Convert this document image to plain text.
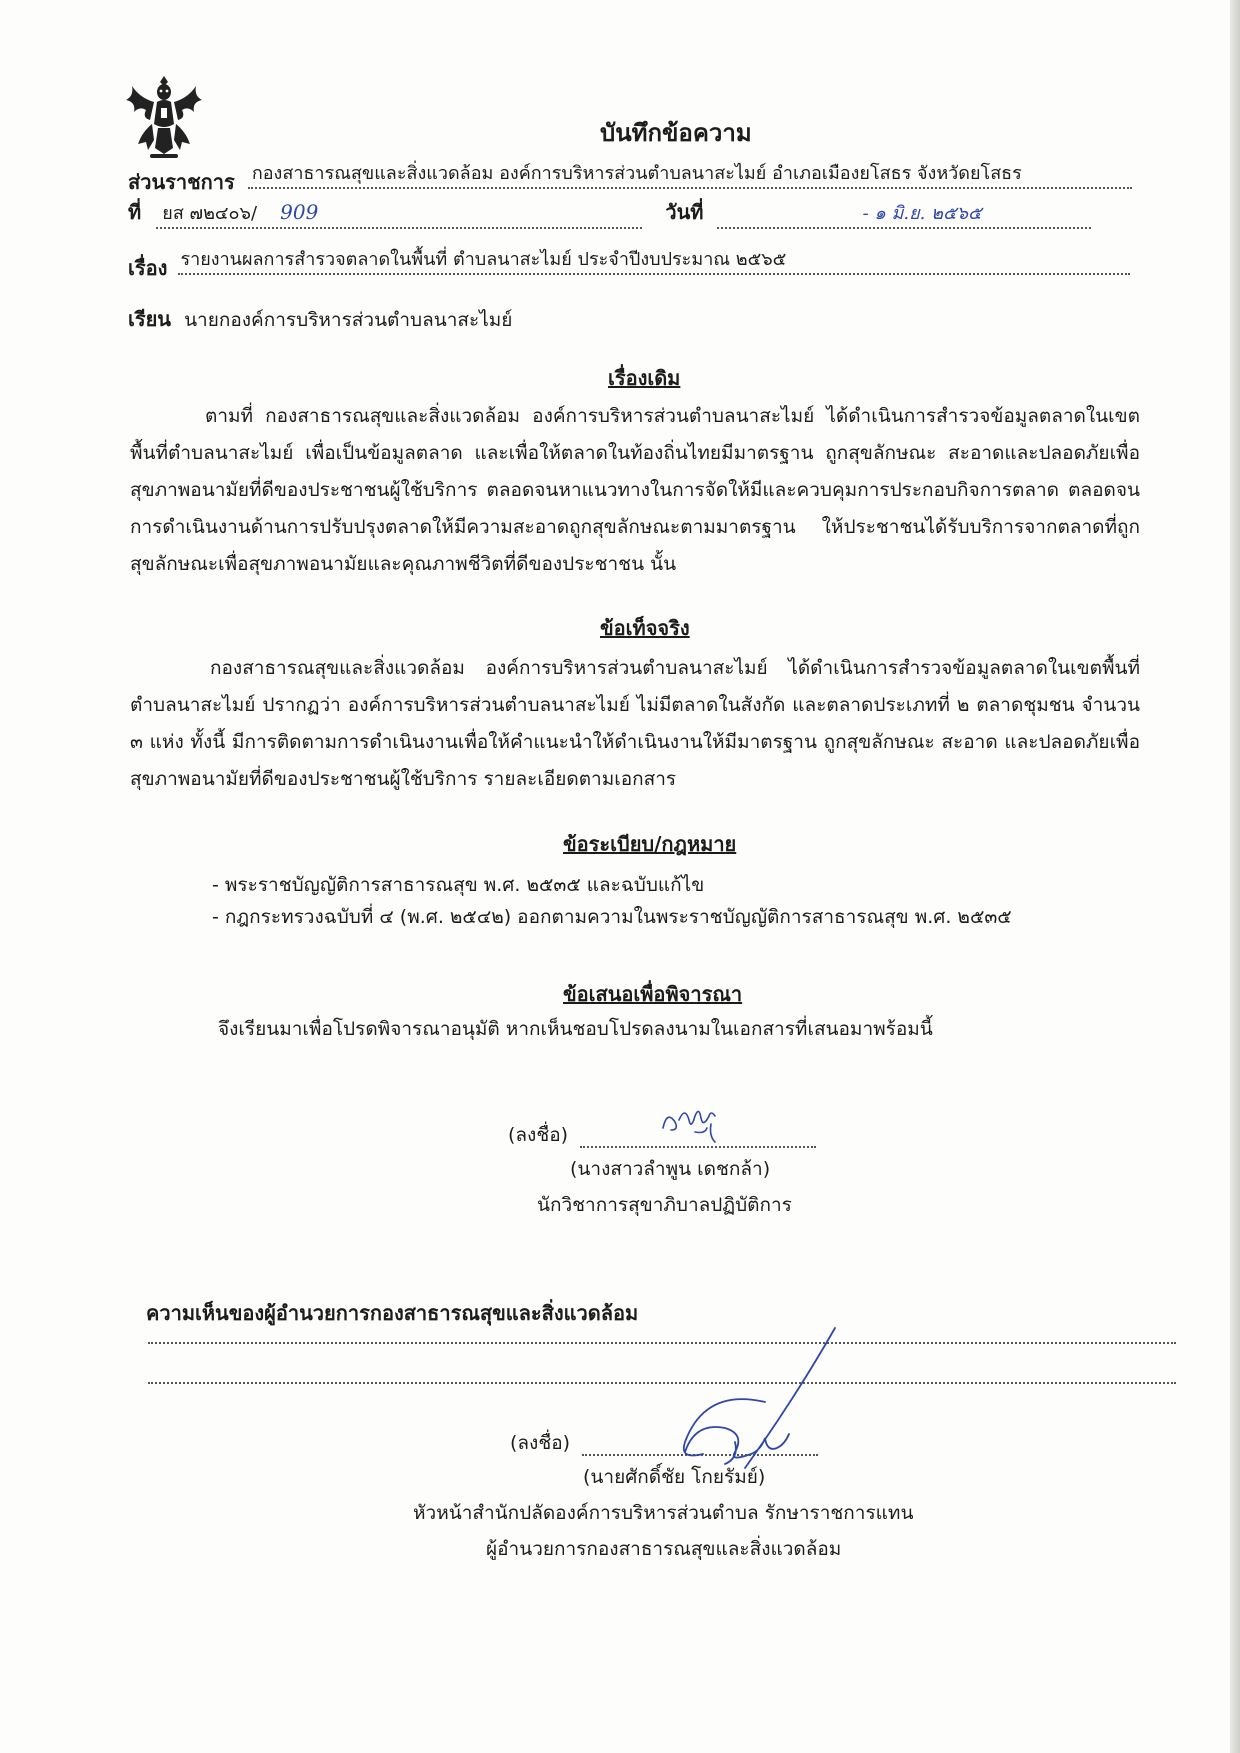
บันทึกข้อความ
ส่วนราชการ กองสาธารณสุขและสิ่งแวดล้อม องค์การบริหารส่วนตำบลนาสะไมย์ อำเภอเมืองยโสธร จังหวัดยโสธร
ที่ ยส ๗๒๔๐๖/ 909	วันที่	- ๑ มิ.ย. ๒๕๖๕
เรื่อง รายงานผลการสำรวจตลาดในพื้นที่ ตำบลนาสะไมย์ ประจำปีงบประมาณ ๒๕๖๕
เรียน นายกองค์การบริหารส่วนตำบลนาสะไมย์
เรื่องเดิม
ตามที่ กองสาธารณสุขและสิ่งแวดล้อม องค์การบริหารส่วนตำบลนาสะไมย์ ได้ดำเนินการสำรวจข้อมูลตลาดในเขตพื้นที่ตำบลนาสะไมย์ เพื่อเป็นข้อมูลตลาด และเพื่อให้ตลาดในท้องถิ่นไทยมีมาตรฐาน ถูกสุขลักษณะ สะอาดและปลอดภัยเพื่อสุขภาพอนามัยที่ดีของประชาชนผู้ใช้บริการ ตลอดจนหาแนวทางในการจัดให้มีและควบคุมการประกอบกิจการตลาด ตลอดจนการดำเนินงานด้านการปรับปรุงตลาดให้มีความสะอาดถูกสุขลักษณะตามมาตรฐาน ให้ประชาชนได้รับบริการจากตลาดที่ถูกสุขลักษณะเพื่อสุขภาพอนามัยและคุณภาพชีวิตที่ดีของประชาชน นั้น
ข้อเท็จจริง
กองสาธารณสุขและสิ่งแวดล้อม องค์การบริหารส่วนตำบลนาสะไมย์ ได้ดำเนินการสำรวจข้อมูลตลาดในเขตพื้นที่ตำบลนาสะไมย์ ปรากฏว่า องค์การบริหารส่วนตำบลนาสะไมย์ ไม่มีตลาดในสังกัด และตลาดประเภทที่ ๒ ตลาดชุมชน จำนวน ๓ แห่ง ทั้งนี้ มีการติดตามการดำเนินงานเพื่อให้คำแนะนำให้ดำเนินงานให้มีมาตรฐาน ถูกสุขลักษณะ สะอาด และปลอดภัยเพื่อสุขภาพอนามัยที่ดีของประชาชนผู้ใช้บริการ รายละเอียดตามเอกสาร
ข้อระเบียบ/กฎหมาย
- พระราชบัญญัติการสาธารณสุข พ.ศ. ๒๕๓๕ และฉบับแก้ไข
- กฎกระทรวงฉบับที่ ๔ (พ.ศ. ๒๕๔๒) ออกตามความในพระราชบัญญัติการสาธารณสุข พ.ศ. ๒๕๓๕
ข้อเสนอเพื่อพิจารณา
จึงเรียนมาเพื่อโปรดพิจารณาอนุมัติ หากเห็นชอบโปรดลงนามในเอกสารที่เสนอมาพร้อมนี้
(ลงชื่อ)
(นางสาวลำพูน เดชกล้า)
นักวิชาการสุขาภิบาลปฏิบัติการ
ความเห็นของผู้อำนวยการกองสาธารณสุขและสิ่งแวดล้อม
(ลงชื่อ)
(นายศักดิ์ชัย โกยรัมย์)
หัวหน้าสำนักปลัดองค์การบริหารส่วนตำบล รักษาราชการแทน
ผู้อำนวยการกองสาธารณสุขและสิ่งแวดล้อม
